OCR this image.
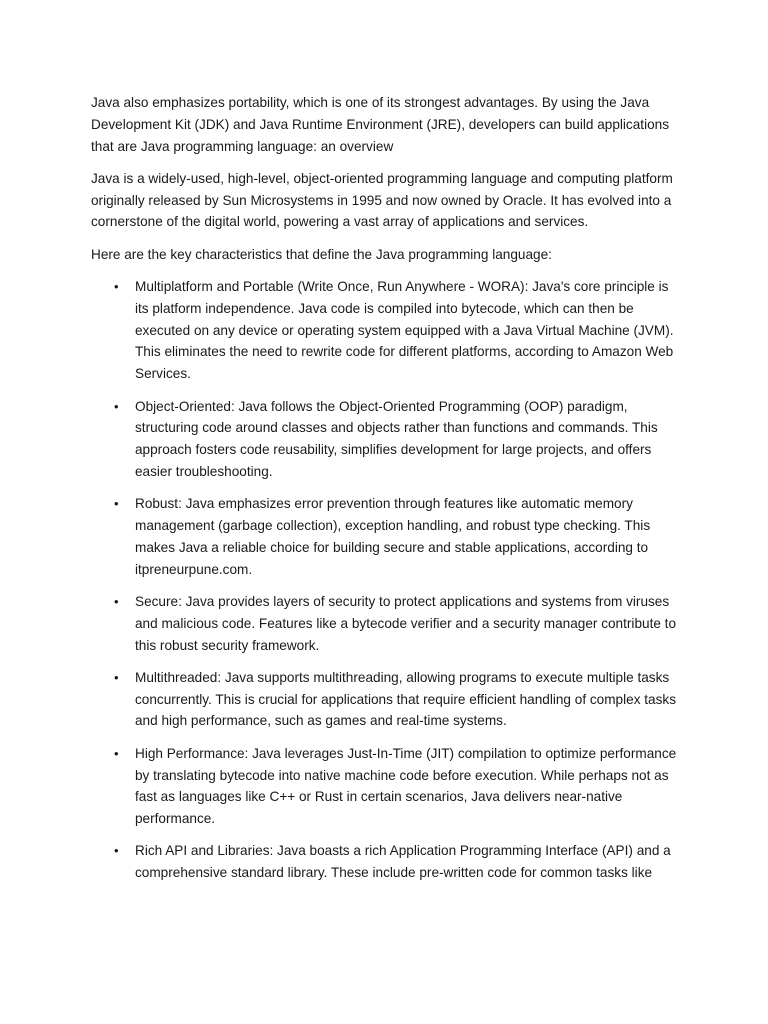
Java also emphasizes portability, which is one of its strongest advantages. By using the Java Development Kit (JDK) and Java Runtime Environment (JRE), developers can build applications that are Java programming language: an overview

Java is a widely-used, high-level, object-oriented programming language and computing platform originally released by Sun Microsystems in 1995 and now owned by Oracle. It has evolved into a cornerstone of the digital world, powering a vast array of applications and services.

Here are the key characteristics that define the Java programming language:

• Multiplatform and Portable (Write Once, Run Anywhere - WORA): Java's core principle is its platform independence. Java code is compiled into bytecode, which can then be executed on any device or operating system equipped with a Java Virtual Machine (JVM). This eliminates the need to rewrite code for different platforms, according to Amazon Web Services.
• Object-Oriented: Java follows the Object-Oriented Programming (OOP) paradigm, structuring code around classes and objects rather than functions and commands. This approach fosters code reusability, simplifies development for large projects, and offers easier troubleshooting.
• Robust: Java emphasizes error prevention through features like automatic memory management (garbage collection), exception handling, and robust type checking. This makes Java a reliable choice for building secure and stable applications, according to itpreneurpune.com.
• Secure: Java provides layers of security to protect applications and systems from viruses and malicious code. Features like a bytecode verifier and a security manager contribute to this robust security framework.
• Multithreaded: Java supports multithreading, allowing programs to execute multiple tasks concurrently. This is crucial for applications that require efficient handling of complex tasks and high performance, such as games and real-time systems.
• High Performance: Java leverages Just-In-Time (JIT) compilation to optimize performance by translating bytecode into native machine code before execution. While perhaps not as fast as languages like C++ or Rust in certain scenarios, Java delivers near-native performance.
• Rich API and Libraries: Java boasts a rich Application Programming Interface (API) and a comprehensive standard library. These include pre-written code for common tasks like
